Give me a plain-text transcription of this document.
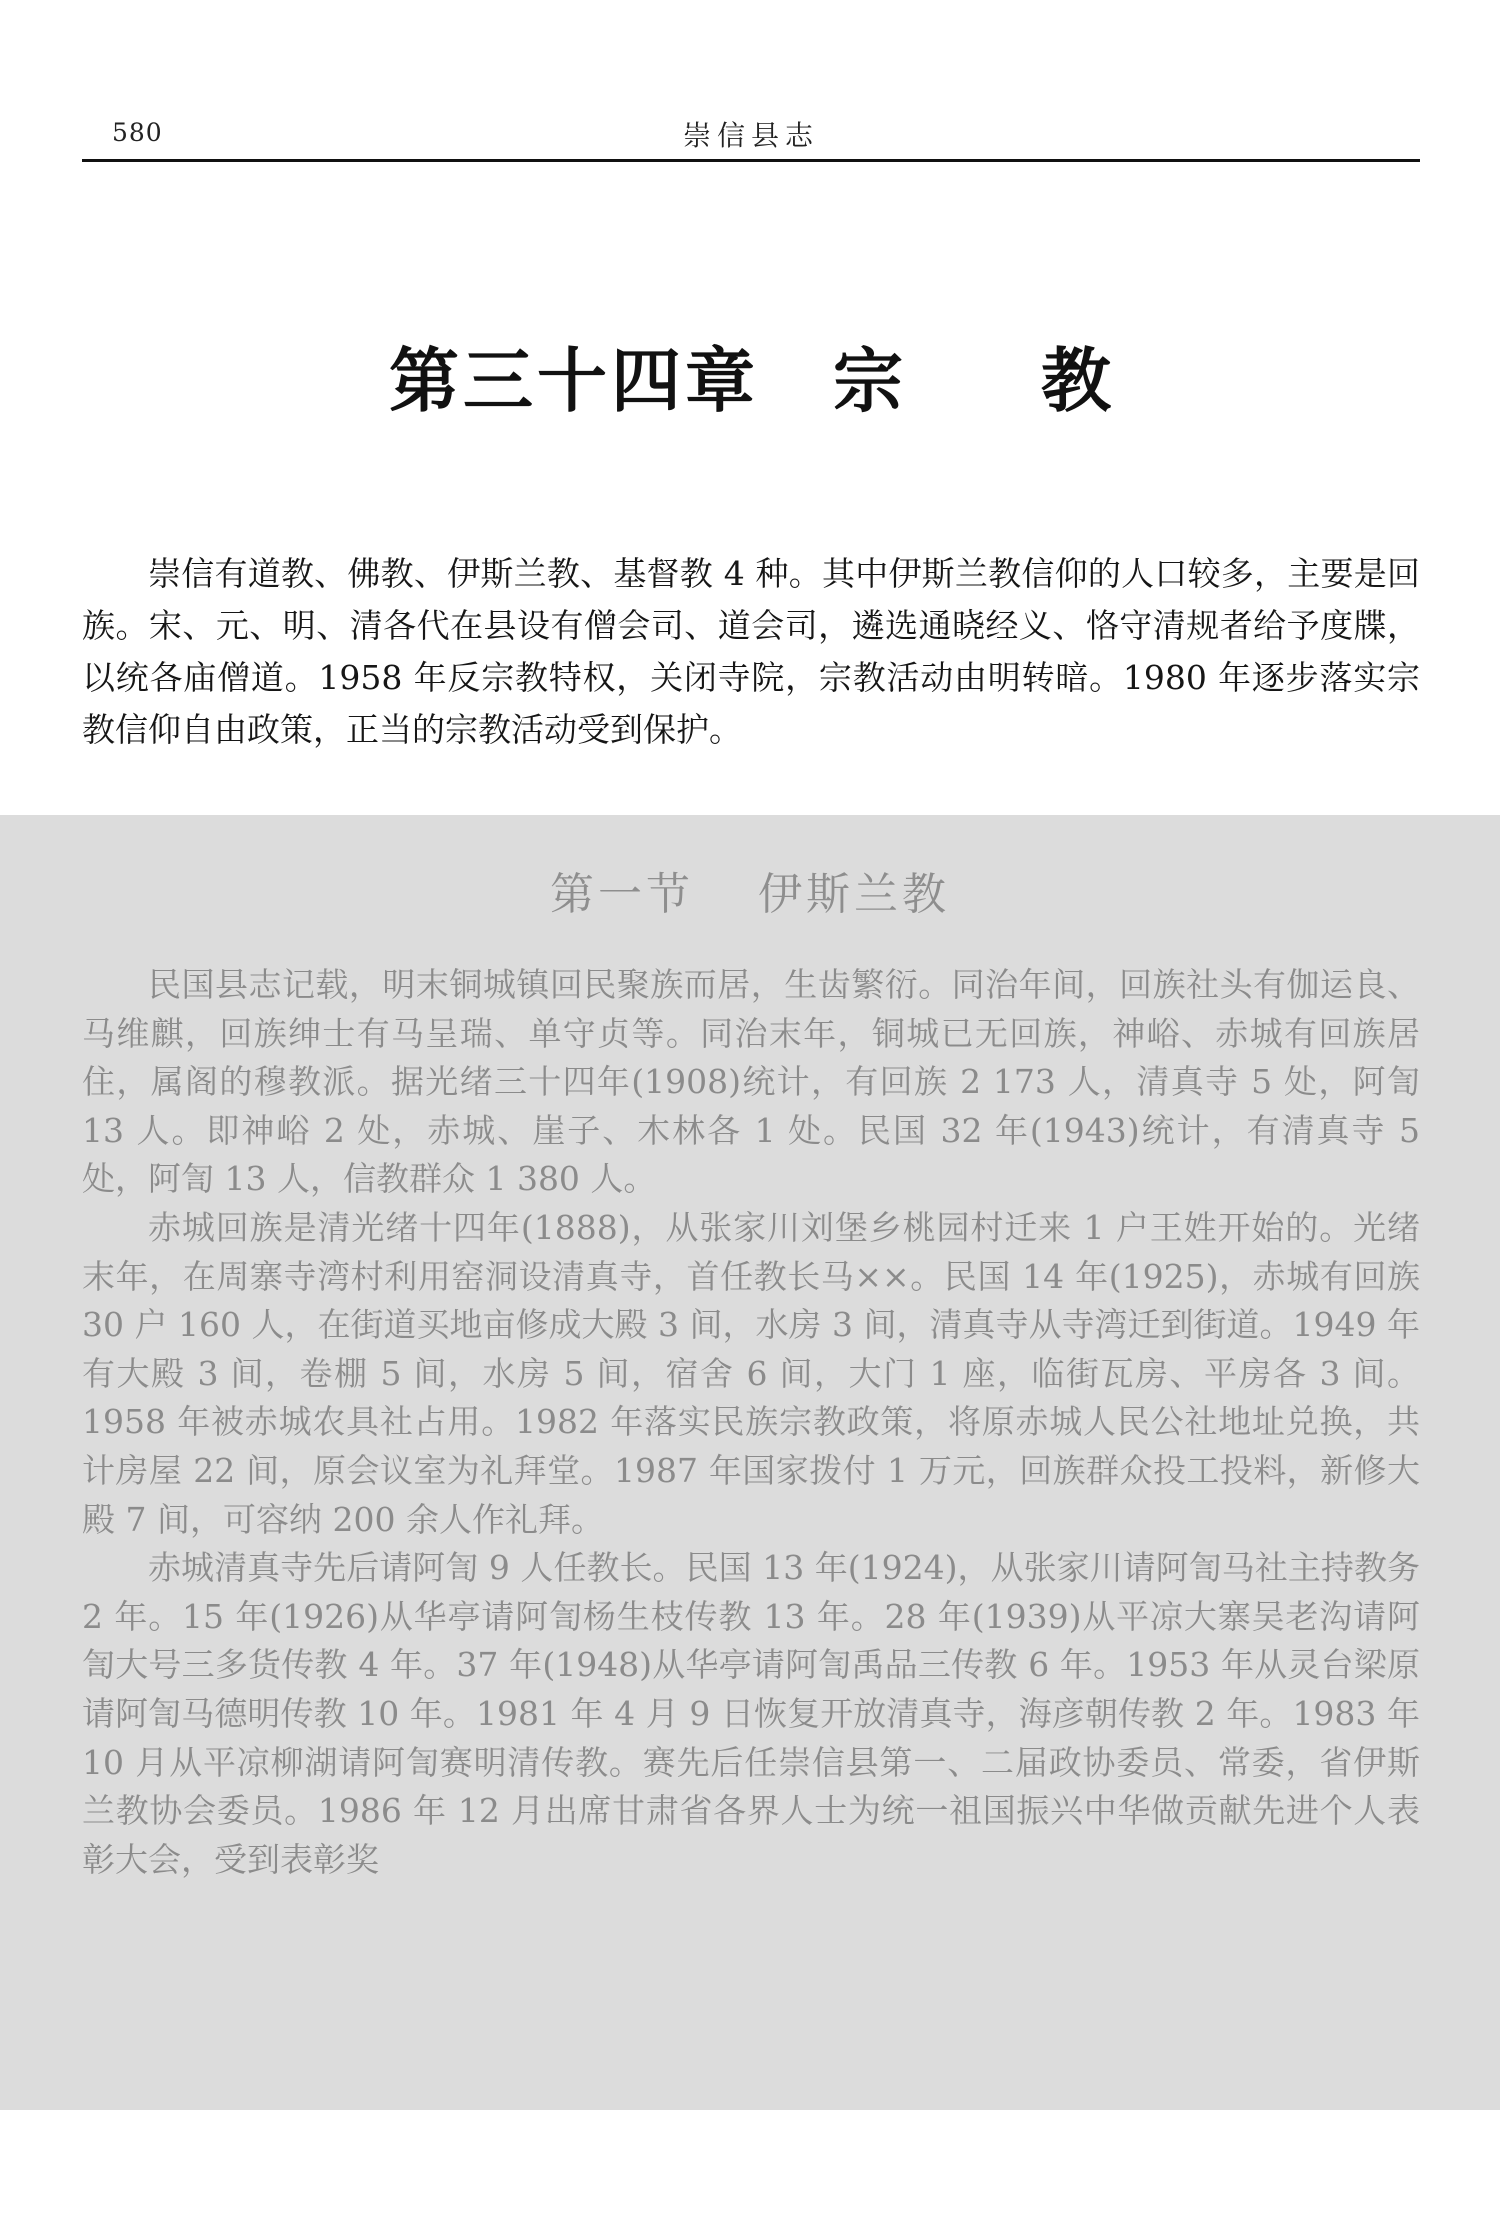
580	崇信县志
第三十四章 宗 教

崇信有道教、佛教、伊斯兰教、基督教 4 种。其中伊斯兰教信仰的人口较多，主要是回族。宋、元、明、清各代在县设有僧会司、道会司，遴选通晓经义、恪守清规者给予度牒，以统各庙僧道。1958 年反宗教特权，关闭寺院，宗教活动由明转暗。1980 年逐步落实宗教信仰自由政策，正当的宗教活动受到保护。

第一节 伊斯兰教

民国县志记载，明末铜城镇回民聚族而居，生齿繁衍。同治年间，回族社头有伽运良、马维麒，回族绅士有马呈瑞、单守贞等。同治末年，铜城已无回族，神峪、赤城有回族居住，属阁的穆教派。据光绪三十四年(1908)统计，有回族 2 173 人，清真寺 5 处，阿訇 13 人。即神峪 2 处，赤城、崖子、木林各 1 处。民国 32 年(1943)统计，有清真寺 5 处，阿訇 13 人，信教群众 1 380 人。

赤城回族是清光绪十四年(1888)，从张家川刘堡乡桃园村迁来 1 户王姓开始的。光绪末年，在周寨寺湾村利用窑洞设清真寺，首任教长马××。民国 14 年(1925)，赤城有回族 30 户 160 人，在街道买地亩修成大殿 3 间，水房 3 间，清真寺从寺湾迁到街道。1949 年有大殿 3 间，卷棚 5 间，水房 5 间，宿舍 6 间，大门 1 座，临街瓦房、平房各 3 间。1958 年被赤城农具社占用。1982 年落实民族宗教政策，将原赤城人民公社地址兑换，共计房屋 22 间，原会议室为礼拜堂。1987 年国家拨付 1 万元，回族群众投工投料，新修大殿 7 间，可容纳 200 余人作礼拜。

赤城清真寺先后请阿訇 9 人任教长。民国 13 年(1924)，从张家川请阿訇马社主持教务 2 年。15 年(1926)从华亭请阿訇杨生枝传教 13 年。28 年(1939)从平凉大寨吴老沟请阿訇大号三多货传教 4 年。37 年(1948)从华亭请阿訇禹品三传教 6 年。1953 年从灵台梁原请阿訇马德明传教 10 年。1981 年 4 月 9 日恢复开放清真寺，海彦朝传教 2 年。1983 年 10 月从平凉柳湖请阿訇赛明清传教。赛先后任崇信县第一、二届政协委员、常委，省伊斯兰教协会委员。1986 年 12 月出席甘肃省各界人士为统一祖国振兴中华做贡献先进个人表彰大会，受到表彰奖
